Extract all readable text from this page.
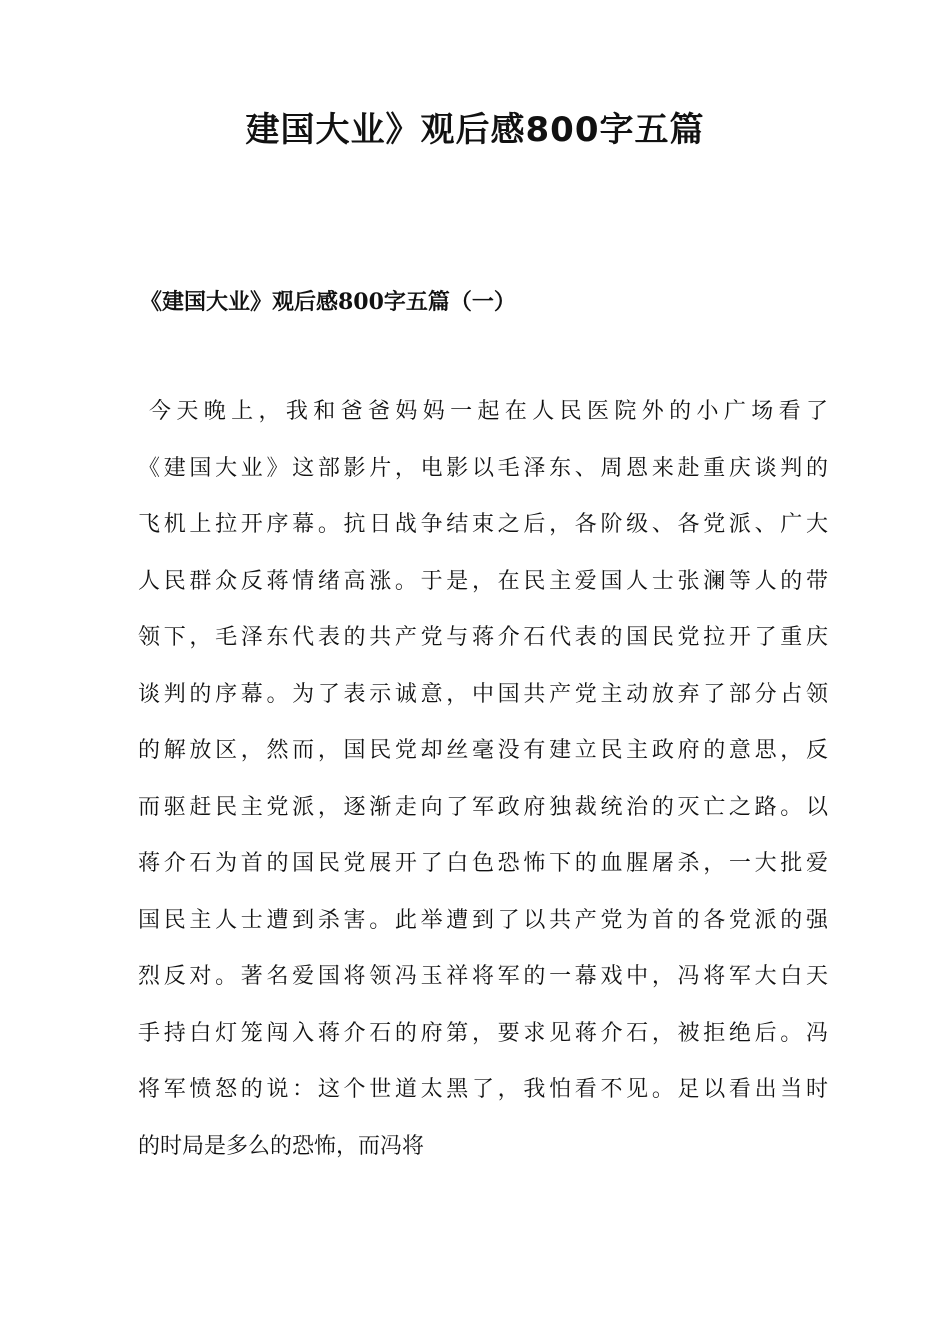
建国大业》观后感800字五篇
《建国大业》观后感800字五篇（一）
今天晚上，我和爸爸妈妈一起在人民医院外的小广场看了
《建国大业》这部影片，电影以毛泽东、周恩来赴重庆谈判的
飞机上拉开序幕。抗日战争结束之后，各阶级、各党派、广大
人民群众反蒋情绪高涨。于是，在民主爱国人士张澜等人的带
领下，毛泽东代表的共产党与蒋介石代表的国民党拉开了重庆
谈判的序幕。为了表示诚意，中国共产党主动放弃了部分占领
的解放区，然而，国民党却丝毫没有建立民主政府的意思，反
而驱赶民主党派，逐渐走向了军政府独裁统治的灭亡之路。以
蒋介石为首的国民党展开了白色恐怖下的血腥屠杀，一大批爱
国民主人士遭到杀害。此举遭到了以共产党为首的各党派的强
烈反对。著名爱国将领冯玉祥将军的一幕戏中，冯将军大白天
手持白灯笼闯入蒋介石的府第，要求见蒋介石，被拒绝后。冯
将军愤怒的说：这个世道太黑了，我怕看不见。足以看出当时
的时局是多么的恐怖，而冯将
